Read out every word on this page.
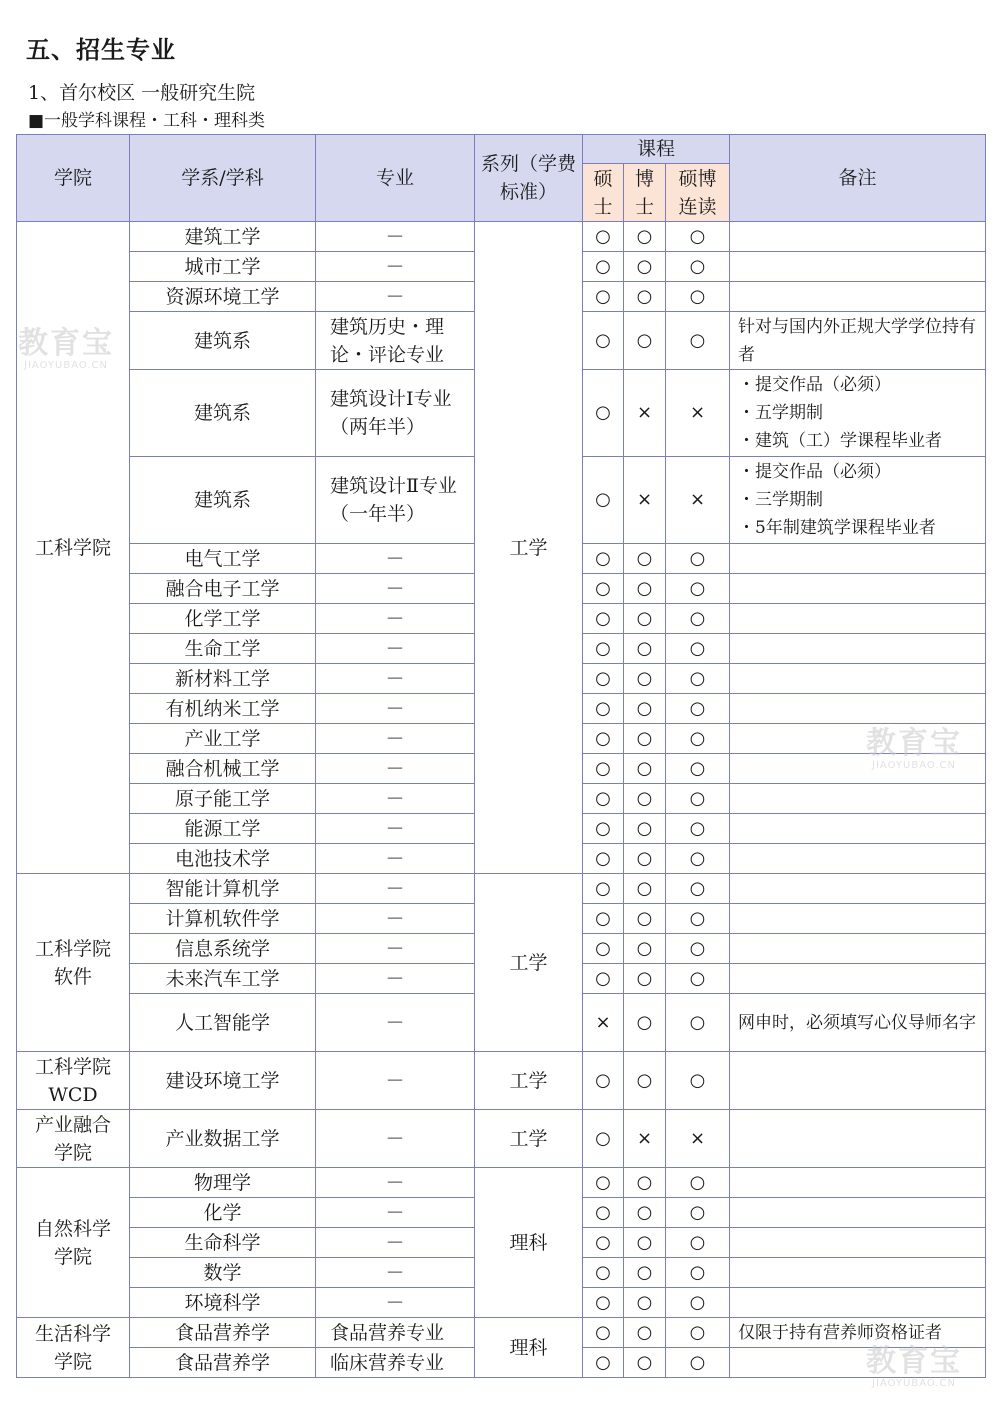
五、招生专业
1、首尔校区 一般研究生院
■一般学科课程・工科・理科类
学院	学系/学科	专业	系列（学费标准）	课程			备注
				硕士	博士	硕博连读	
工科学院	建筑工学	－	工学	○	○	○	
	城市工学	－		○	○	○	
	资源环境工学	－		○	○	○	
	建筑系	建筑历史・理论・评论专业		○	○	○	针对与国内外正规大学学位持有者
	建筑系	建筑设计Ⅰ专业（两年半）		○	×	×	・提交作品（必须）
・五学期制
・建筑（工）学课程毕业者
	建筑系	建筑设计Ⅱ专业（一年半）		○	×	×	・提交作品（必须）
・三学期制
・5年制建筑学课程毕业者
	电气工学	－		○	○	○	
	融合电子工学	－		○	○	○	
	化学工学	－		○	○	○	
	生命工学	－		○	○	○	
	新材料工学	－		○	○	○	
	有机纳米工学	－		○	○	○	
	产业工学	－		○	○	○	
	融合机械工学	－		○	○	○	
	原子能工学	－		○	○	○	
	能源工学	－		○	○	○	
	电池技术学	－		○	○	○	
工科学院软件	智能计算机学	－	工学	○	○	○	
	计算机软件学	－		○	○	○	
	信息系统学	－		○	○	○	
	未来汽车工学	－		○	○	○	
	人工智能学	－		×	○	○	网申时，必须填写心仪导师名字
工科学院WCD	建设环境工学	－	工学	○	○	○	
产业融合学院	产业数据工学	－	工学	○	×	×	
自然科学学院	物理学	－	理科	○	○	○	
	化学	－		○	○	○	
	生命科学	－		○	○	○	
	数学	－		○	○	○	
	环境科学	－		○	○	○	
生活科学学院	食品营养学	食品营养专业	理科	○	○	○	仅限于持有营养师资格证者
	食品营养学	临床营养专业		○	○	○	
教育宝
JIAOYUBAO.CN
教育宝
JIAOYUBAO.CN
教育宝
JIAOYUBAO.CN
